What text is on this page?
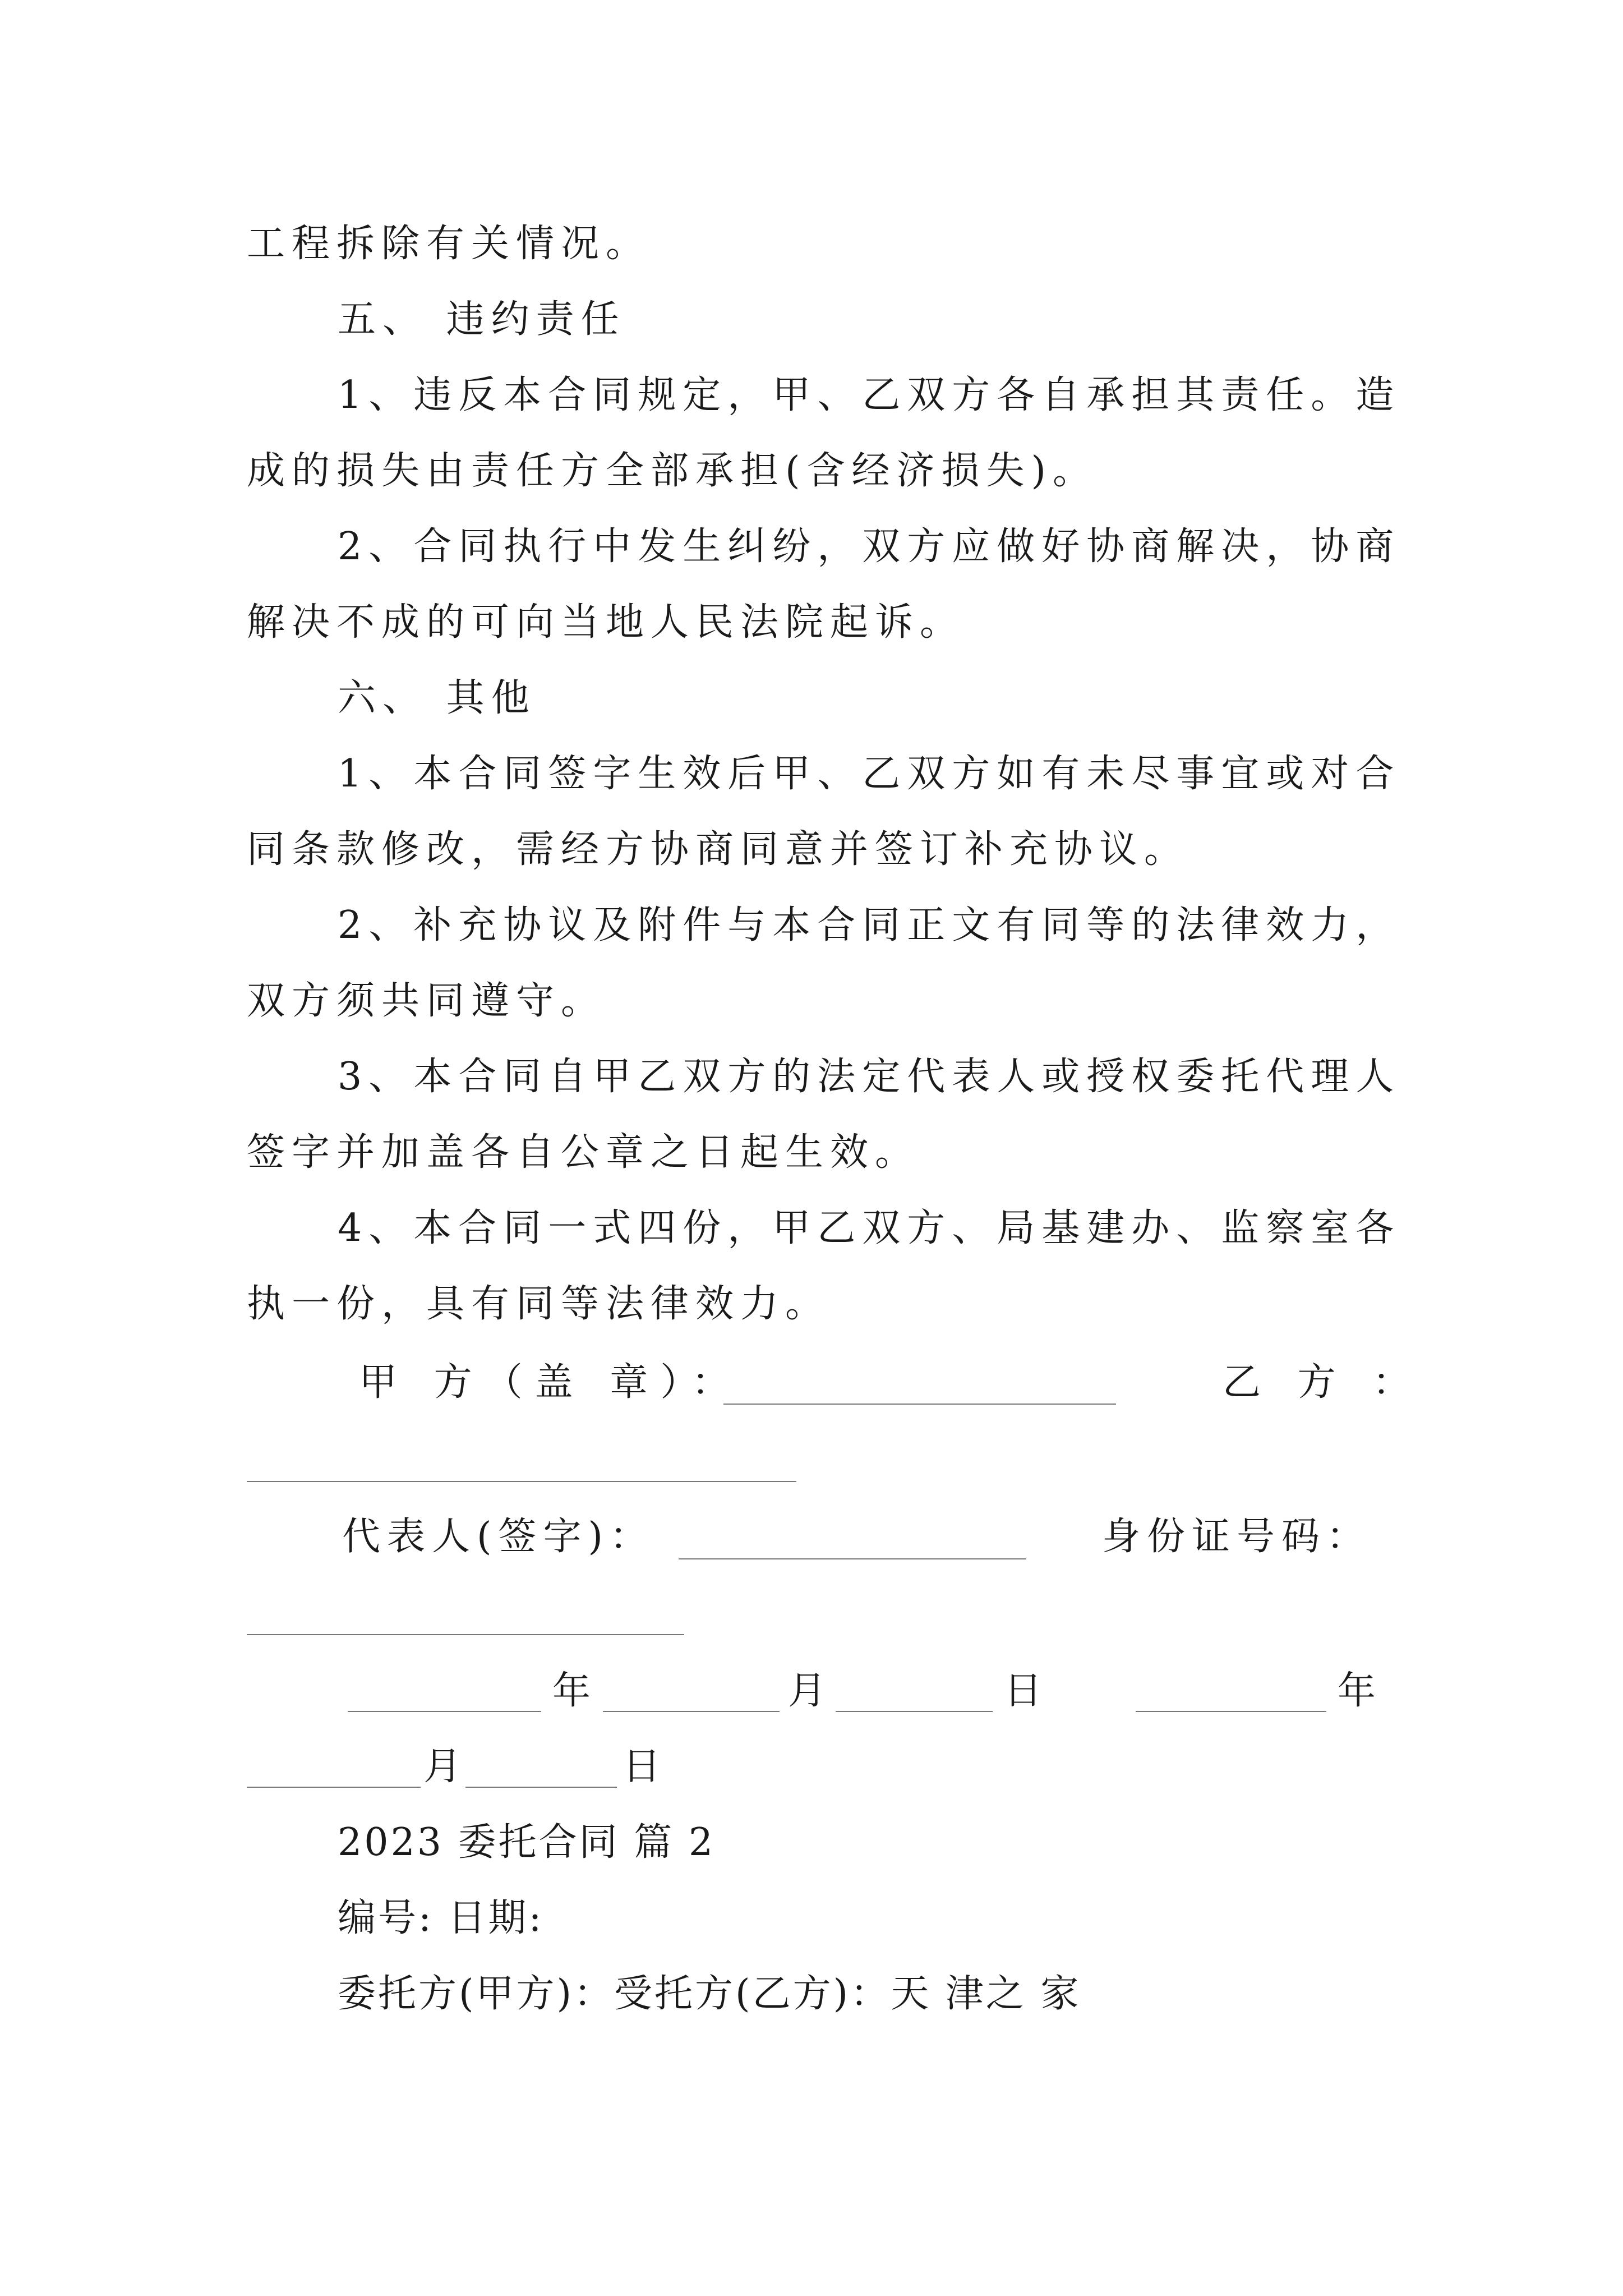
工程拆除有关情况。
五、 违约责任
1、违反本合同规定，甲、乙双方各自承担其责任。造
成的损失由责任方全部承担(含经济损失)。
2、合同执行中发生纠纷，双方应做好协商解决，协商
解决不成的可向当地人民法院起诉。
六、 其他
1、本合同签字生效后甲、乙双方如有未尽事宜或对合
同条款修改，需经方协商同意并签订补充协议。
2、补充协议及附件与本合同正文有同等的法律效力，
双方须共同遵守。
3、本合同自甲乙双方的法定代表人或授权委托代理人
签字并加盖各自公章之日起生效。
4、本合同一式四份，甲乙双方、局基建办、监察室各
执一份，具有同等法律效力。
甲 方（盖 章）：	乙 方 ：
代表人(签字)：	身份证号码：
年	月	日	年
月	日
2023 委托合同 篇 2
编号: 日期:
委托方(甲方)：受托方(乙方)：天 津之 家
